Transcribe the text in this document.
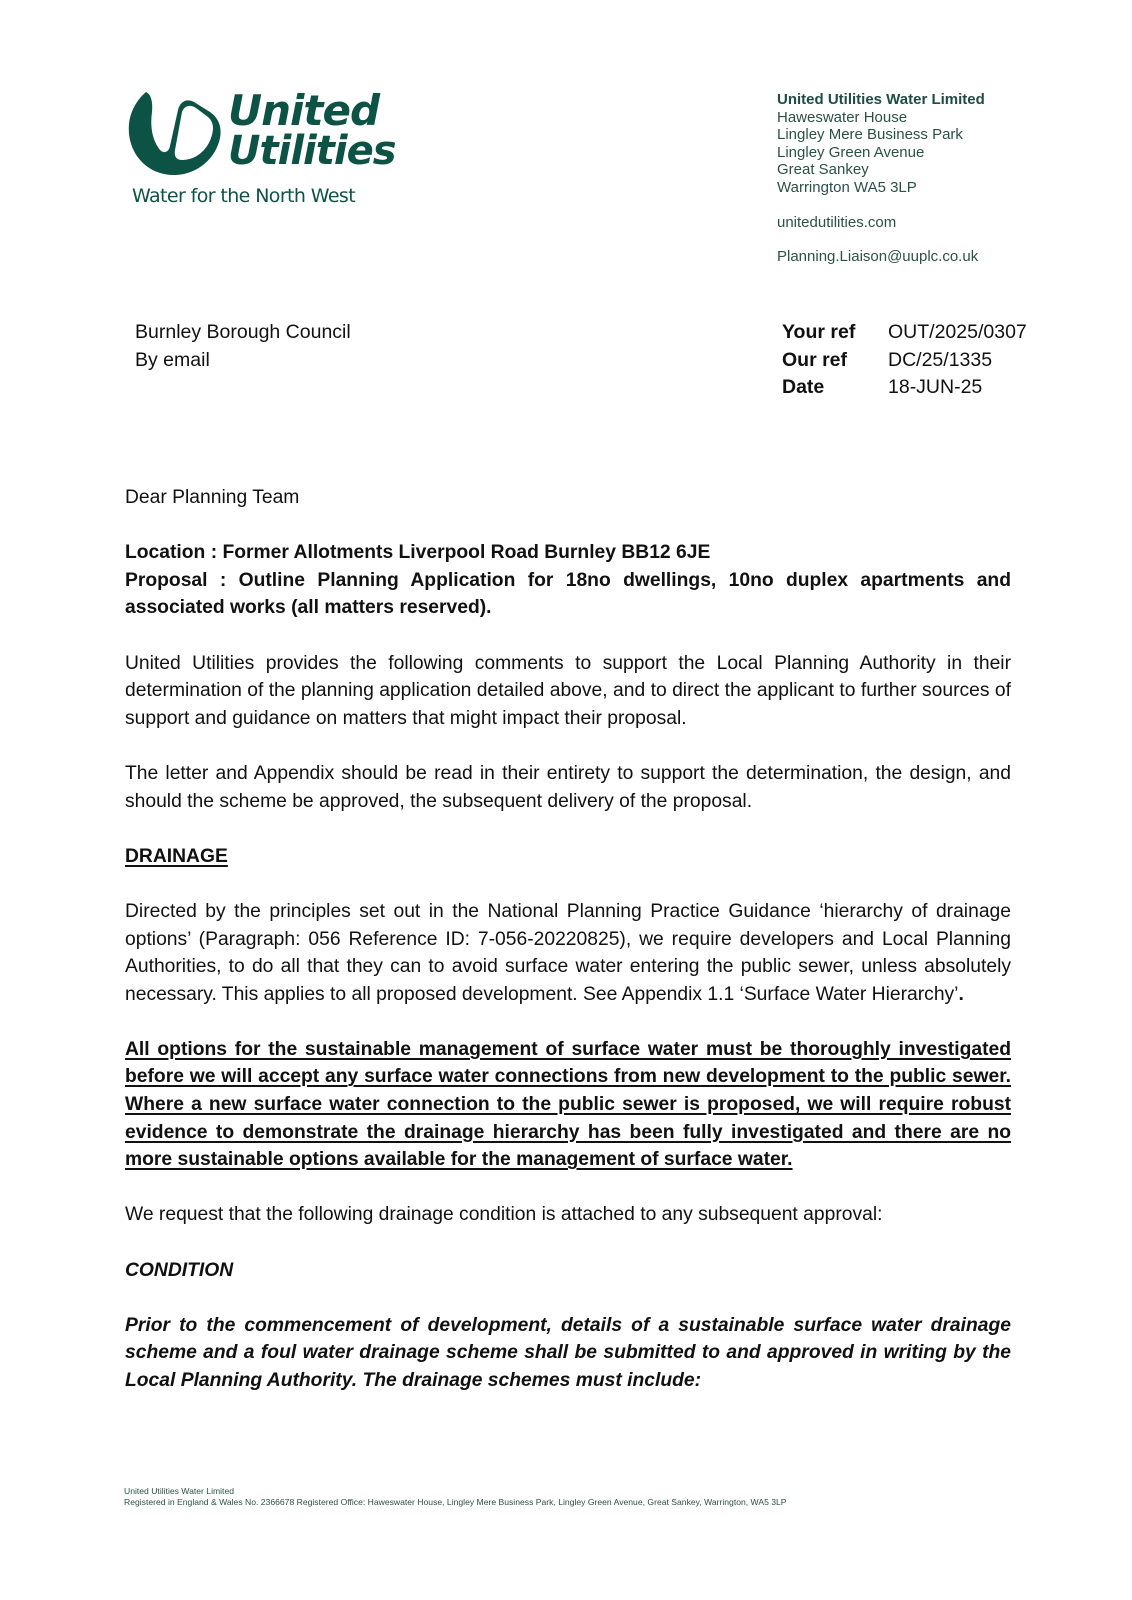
United
Utilities
Water for the North West
United Utilities Water Limited
Haweswater House
Lingley Mere Business Park
Lingley Green Avenue
Great Sankey
Warrington WA5 3LP
unitedutilities.com
Planning.Liaison@uuplc.co.uk
Burnley Borough Council
By email
Your ref	OUT/2025/0307
Our ref	DC/25/1335
Date	18-JUN-25

Dear Planning Team

Location : Former Allotments Liverpool Road Burnley BB12 6JE
Proposal : Outline Planning Application for 18no dwellings, 10no duplex apartments and associated works (all matters reserved).

United Utilities provides the following comments to support the Local Planning Authority in their determination of the planning application detailed above, and to direct the applicant to further sources of support and guidance on matters that might impact their proposal.

The letter and Appendix should be read in their entirety to support the determination, the design, and should the scheme be approved, the subsequent delivery of the proposal.

DRAINAGE

Directed by the principles set out in the National Planning Practice Guidance ‘hierarchy of drainage options’ (Paragraph: 056 Reference ID: 7-056-20220825), we require developers and Local Planning Authorities, to do all that they can to avoid surface water entering the public sewer, unless absolutely necessary. This applies to all proposed development. See Appendix 1.1 ‘Surface Water Hierarchy’.

All options for the sustainable management of surface water must be thoroughly investigated before we will accept any surface water connections from new development to the public sewer. Where a new surface water connection to the public sewer is proposed, we will require robust evidence to demonstrate the drainage hierarchy has been fully investigated and there are no more sustainable options available for the management of surface water.

We request that the following drainage condition is attached to any subsequent approval:

CONDITION

Prior to the commencement of development, details of a sustainable surface water drainage scheme and a foul water drainage scheme shall be submitted to and approved in writing by the Local Planning Authority. The drainage schemes must include:

United Utilities Water Limited
Registered in England & Wales No. 2366678 Registered Office: Haweswater House, Lingley Mere Business Park, Lingley Green Avenue, Great Sankey, Warrington, WA5 3LP
